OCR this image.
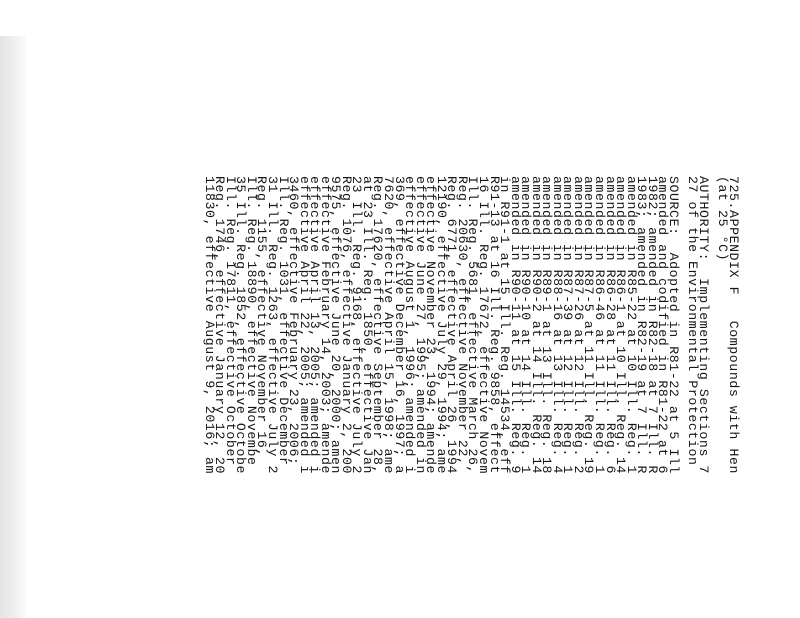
725.APPENDIX F   Compounds with Hen
(at 25 °C)
AUTHORITY:  Implementing Sections 7
27 of the Environmental Protection
SOURCE:  Adopted in R81-22 at 5 Ill
amended and codified in R81-22 at 6
1982; amended in R82-18 at 7 Ill. R
1983; amended in R82-19 at 7 Ill. R
amended in R85-22 at 10 Ill. Reg. 1
amended in R86-1 at 10 Ill. Reg. 14
amended in R86-28 at 11 Ill. Reg. 6
amended in R86-46 at 11 Ill. Reg. 1
amended in R87-5 at 11 Ill. Reg. 19
amended in R87-26 at 12 Ill. Reg. 2
amended in R87-39 at 12 Ill. Reg. 1
amended in R88-16 at 13 Ill. Reg. 4
amended in R89-1 at 13 Ill. Reg. 18
amended in R90-2 at 14 Ill. Reg. 14
amended in R90-10 at 14 Ill. Reg. 1
amended in R90-11 at 15 Ill. Reg. 9
in R91-1 at 15 Ill. Reg. 14534, eff
R91-13 at 16 Ill. Reg. 9858, effect
16 Ill. Reg. 17672, effective Novem
Ill. Reg. 5681, effective March 26,
Reg. 20630, effective November 22,
Reg. 6771, effective April 26, 1994
12190, effective July 29, 1994; ame
effective November 23, 1994; amende
effective June 27, 1995; amended in
effective August 1, 1996; amended i
369, effective December 16, 1997; a
7620, effective April 15, 1998; ame
Reg. 17620, effective September 28,
at 23 Ill. Reg. 1850, effective Jan
23 Ill. Reg. 9168, effective July 2
Reg. 1076, effective January 2, 200
9575, effective June 20, 2000; amen
effective February 14, 2003; amende
effective April 13, 2005; amended i
effective April 22, 2005; amended i
3460, effective February 23, 2006;
Ill. Reg. 1031, effective December
31 Ill. Reg. 1263, effective July 2
Reg. 1155, effective November 16,
Ill. Reg. 18890, effective Novembe
35 Ill. Reg. 1852, effective Octobe
Ill. Reg. 17811, effective October
Reg. 1746, effective January 12, 20
11830, effective August 9, 2016; am
